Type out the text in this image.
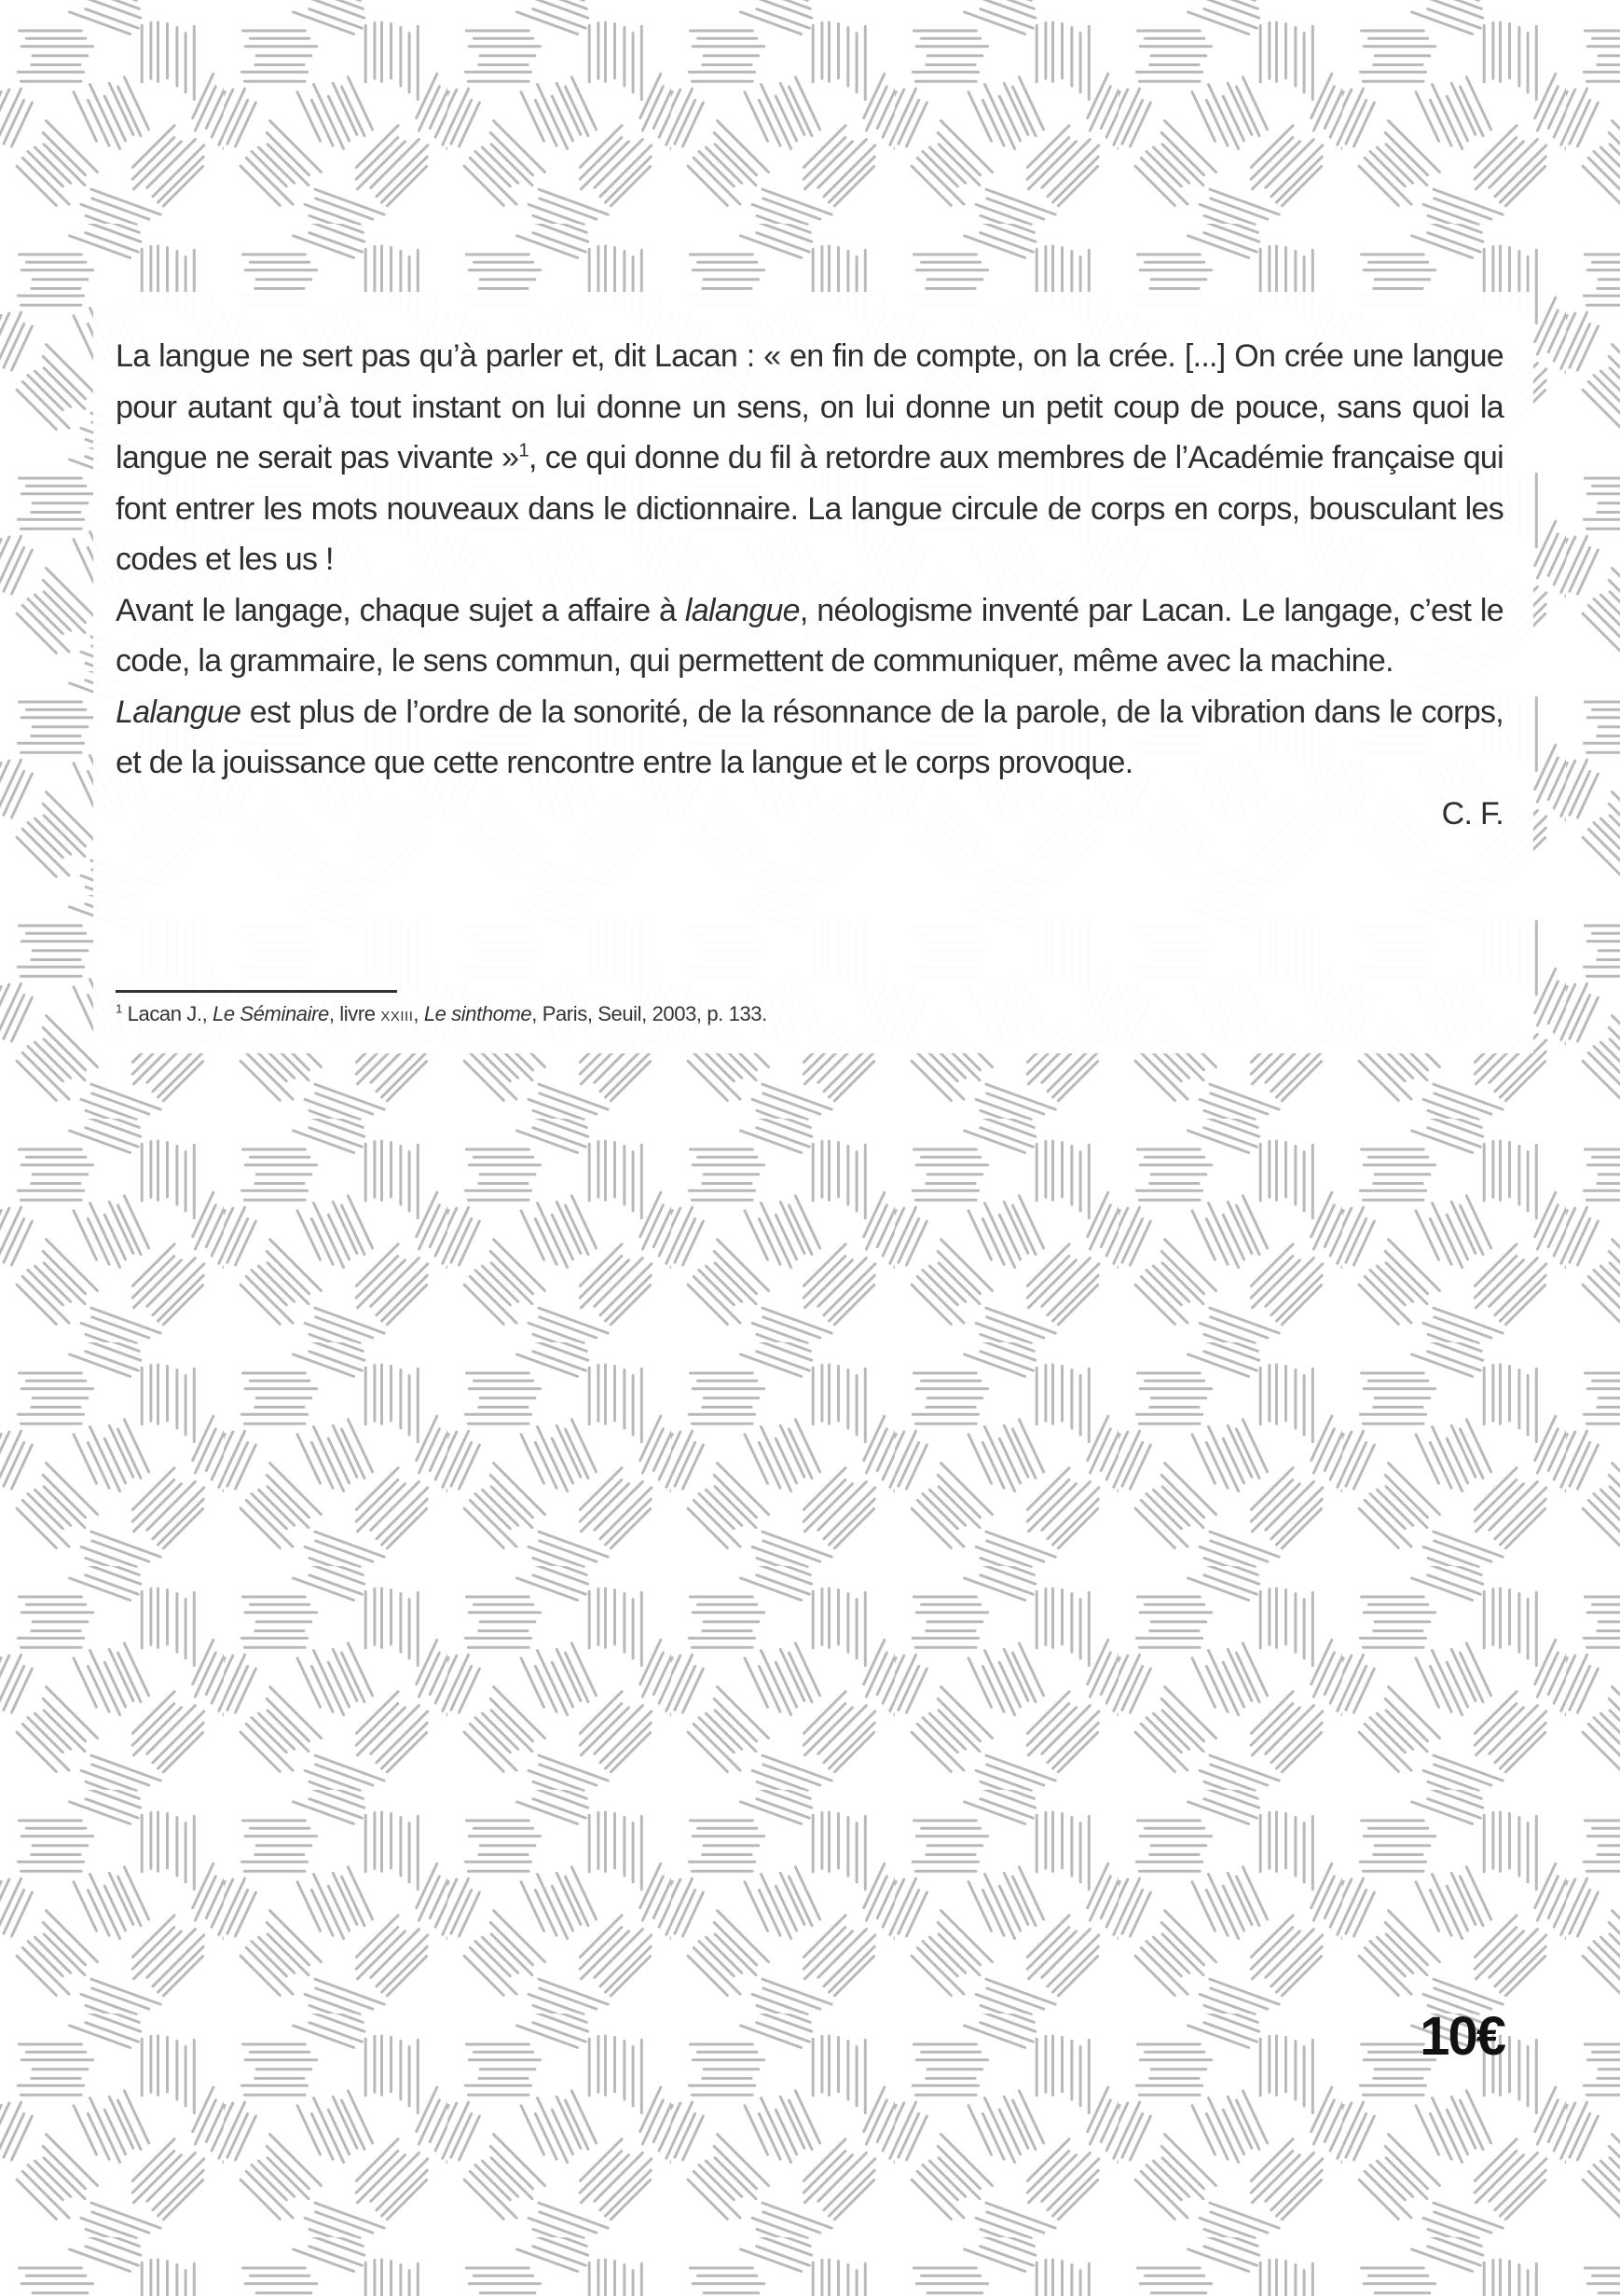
La langue ne sert pas qu’à parler et, dit Lacan : « en fin de compte, on la crée. [...] On crée une langue pour autant qu’à tout instant on lui donne un sens, on lui donne un petit coup de pouce, sans quoi la langue ne serait pas vivante »$^1$, ce qui donne du fil à retordre aux membres de l’Académie française qui font entrer les mots nouveaux dans le dictionnaire. La langue circule de corps en corps, bousculant les codes et les us !

Avant le langage, chaque sujet a affaire à lalangue, néologisme inventé par Lacan. Le langage, c’est le code, la grammaire, le sens commun, qui permettent de communiquer, même avec la machine.

Lalangue est plus de l’ordre de la sonorité, de la résonnance de la parole, de la vibration dans le corps, et de la jouissance que cette rencontre entre la langue et le corps provoque.

C. F.

$^1$ Lacan J., Le Séminaire, livre XXIII, Le sinthome, Paris, Seuil, 2003, p. 133.
10€
